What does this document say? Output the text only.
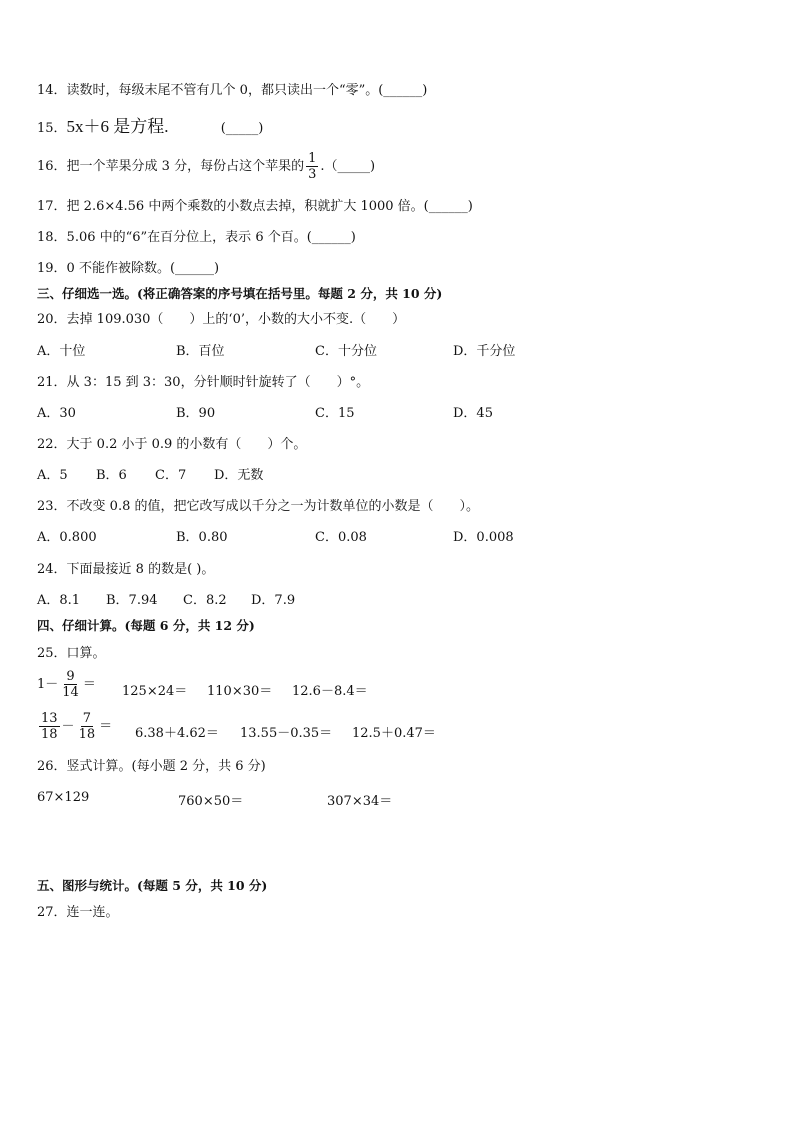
14．读数时，每级末尾不管有几个 0，都只读出一个“零”。(______)
15．5x＋6 是方程.	(_____)
16．把一个苹果分成 3 分，每份占这个苹果的 $\frac{1}{3}$ .（_____)
17．把 2.6×4.56 中两个乘数的小数点去掉，积就扩大 1000 倍。(______)
18．5.06 中的“6”在百分位上，表示 6 个百。(______)
19．0 不能作被除数。(______)
三、仔细选一选。(将正确答案的序号填在括号里。每题 2 分，共 10 分)
20．去掉 109.030（　　）上的‘0’，小数的大小不变.（　　）
A．十位	B．百位	C．十分位	D．千分位
21．从 3：15 到 3：30，分针顺时针旋转了（　　）°。
A．30	B．90	C．15	D．45
22．大于 0.2 小于 0.9 的小数有（　　）个。
A．5 B．6 C．7 D．无数
23．不改变 0.8 的值，把它改写成以千分之一为计数单位的小数是（　　）。
A．0.800	B．0.80	C．0.08	D．0.008
24．下面最接近 8 的数是( )。
A．8.1 B．7.94 C．8.2 D．7.9
四、仔细计算。(每题 6 分，共 12 分)
25．口算。
$1- \frac{9}{14} = 125\times 24= 110\times 30= 12.6-8.4=$
$\frac{13}{18} - \frac{7}{18} = 6.38+4.62= 13.55-0.35= 12.5+0.47=$
26．竖式计算。(每小题 2 分，共 6 分)
67×129	760×50＝	307×34＝
五、图形与统计。(每题 5 分，共 10 分)
27．连一连。
